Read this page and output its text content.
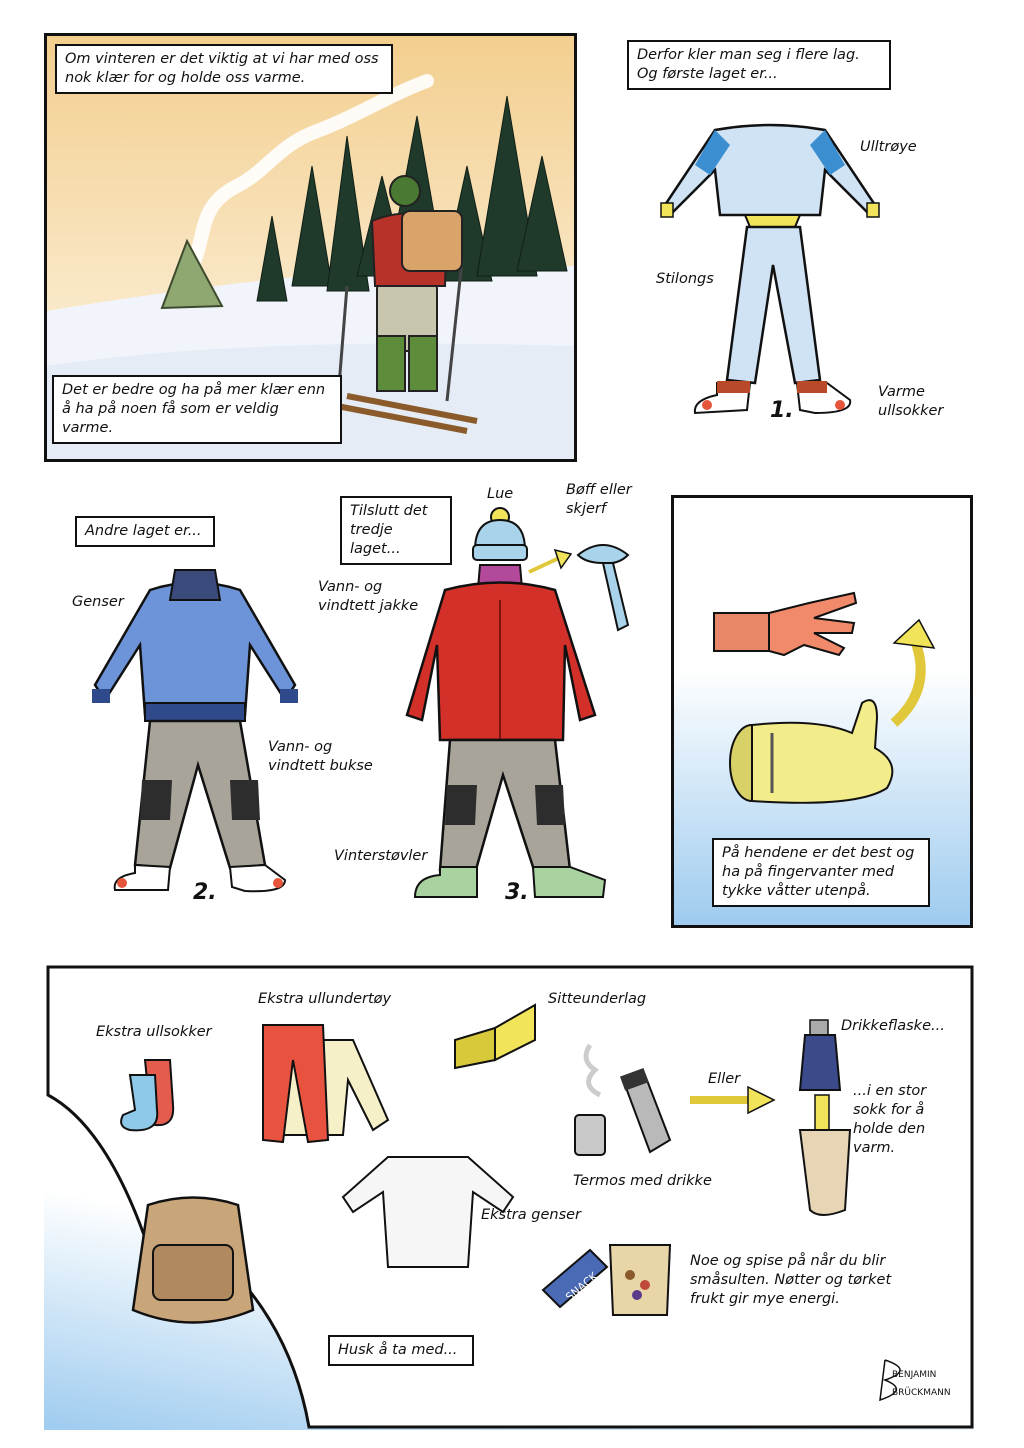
Om vinteren er det viktig at vi har med oss nok klær for og holde oss varme.
Det er bedre og ha på mer klær enn å ha på noen få som er veldig varme.
Derfor kler man seg i flere lag. Og første laget er...
Ulltrøye
Stilongs
Varme ullsokker
1.
Andre laget er...
Genser
Vann- og vindtett bukse
2.
Tilslutt det tredje laget...
Lue	Bøff eller skjerf
Vann- og vindtett jakke
Vinterstøvler
3.
På hendene er det best og ha på fingervanter med tykke våtter utenpå.
SNACK
Ekstra ullsokker
Ekstra ullundertøy	Sitteunderlag
Drikkeflaske...
Eller
...i en stor sokk for å holde den varm.
Termos med drikke
Ekstra genser
Noe og spise på når du blir småsulten. Nøtter og tørket frukt gir mye energi.
Husk å ta med...
BENJAMIN
BRÜCKMANN
